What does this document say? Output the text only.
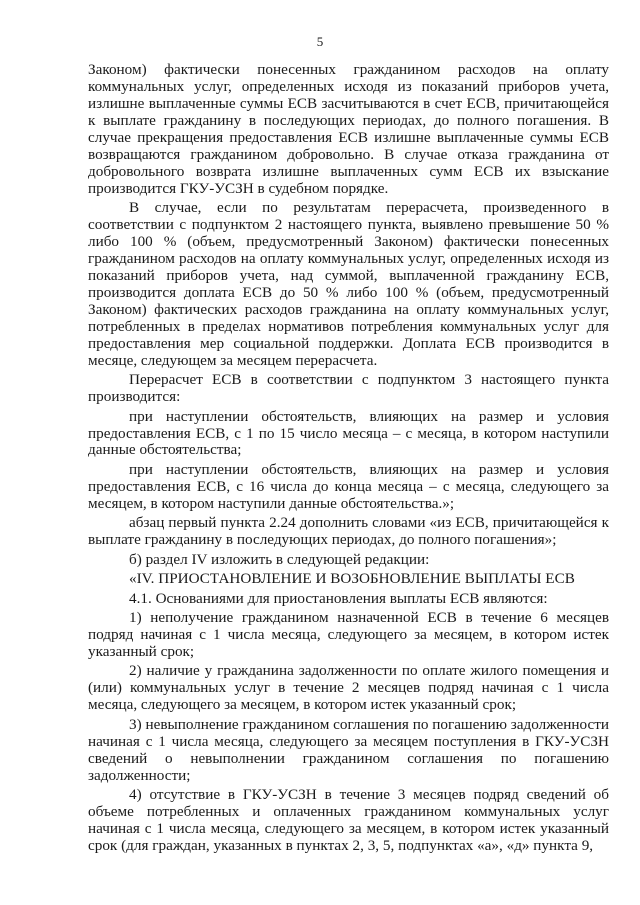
5

Законом) фактически понесенных гражданином расходов на оплату коммунальных услуг, определенных исходя из показаний приборов учета, излишне выплаченные суммы ЕСВ засчитываются в счет ЕСВ, причитающейся к выплате гражданину в последующих периодах, до полного погашения. В случае прекращения предоставления ЕСВ излишне выплаченные суммы ЕСВ возвращаются гражданином добровольно. В случае отказа гражданина от добровольного возврата излишне выплаченных сумм ЕСВ их взыскание производится ГКУ-УСЗН в судебном порядке.

В случае, если по результатам перерасчета, произведенного в соответствии с подпунктом 2 настоящего пункта, выявлено превышение 50 % либо 100 % (объем, предусмотренный Законом) фактически понесенных гражданином расходов на оплату коммунальных услуг, определенных исходя из показаний приборов учета, над суммой, выплаченной гражданину ЕСВ, производится доплата ЕСВ до 50 % либо 100 % (объем, предусмотренный Законом) фактических расходов гражданина на оплату коммунальных услуг, потребленных в пределах нормативов потребления коммунальных услуг для предоставления мер социальной поддержки. Доплата ЕСВ производится в месяце, следующем за месяцем перерасчета.

Перерасчет ЕСВ в соответствии с подпунктом 3 настоящего пункта производится:

при наступлении обстоятельств, влияющих на размер и условия предоставления ЕСВ, с 1 по 15 число месяца – с месяца, в котором наступили данные обстоятельства;

при наступлении обстоятельств, влияющих на размер и условия предоставления ЕСВ, с 16 числа до конца месяца – с месяца, следующего за месяцем, в котором наступили данные обстоятельства.»;

абзац первый пункта 2.24 дополнить словами «из ЕСВ, причитающейся к выплате гражданину в последующих периодах, до полного погашения»;

б) раздел IV изложить в следующей редакции:

«IV. ПРИОСТАНОВЛЕНИЕ И ВОЗОБНОВЛЕНИЕ ВЫПЛАТЫ ЕСВ

4.1. Основаниями для приостановления выплаты ЕСВ являются:

1) неполучение гражданином назначенной ЕСВ в течение 6 месяцев подряд начиная с 1 числа месяца, следующего за месяцем, в котором истек указанный срок;

2) наличие у гражданина задолженности по оплате жилого помещения и (или) коммунальных услуг в течение 2 месяцев подряд начиная с 1 числа месяца, следующего за месяцем, в котором истек указанный срок;

3) невыполнение гражданином соглашения по погашению задолженности начиная с 1 числа месяца, следующего за месяцем поступления в ГКУ-УСЗН сведений о невыполнении гражданином соглашения по погашению задолженности;

4) отсутствие в ГКУ-УСЗН в течение 3 месяцев подряд сведений об объеме потребленных и оплаченных гражданином коммунальных услуг начиная с 1 числа месяца, следующего за месяцем, в котором истек указанный срок (для граждан, указанных в пунктах 2, 3, 5, подпунктах «а», «д» пункта 9,
